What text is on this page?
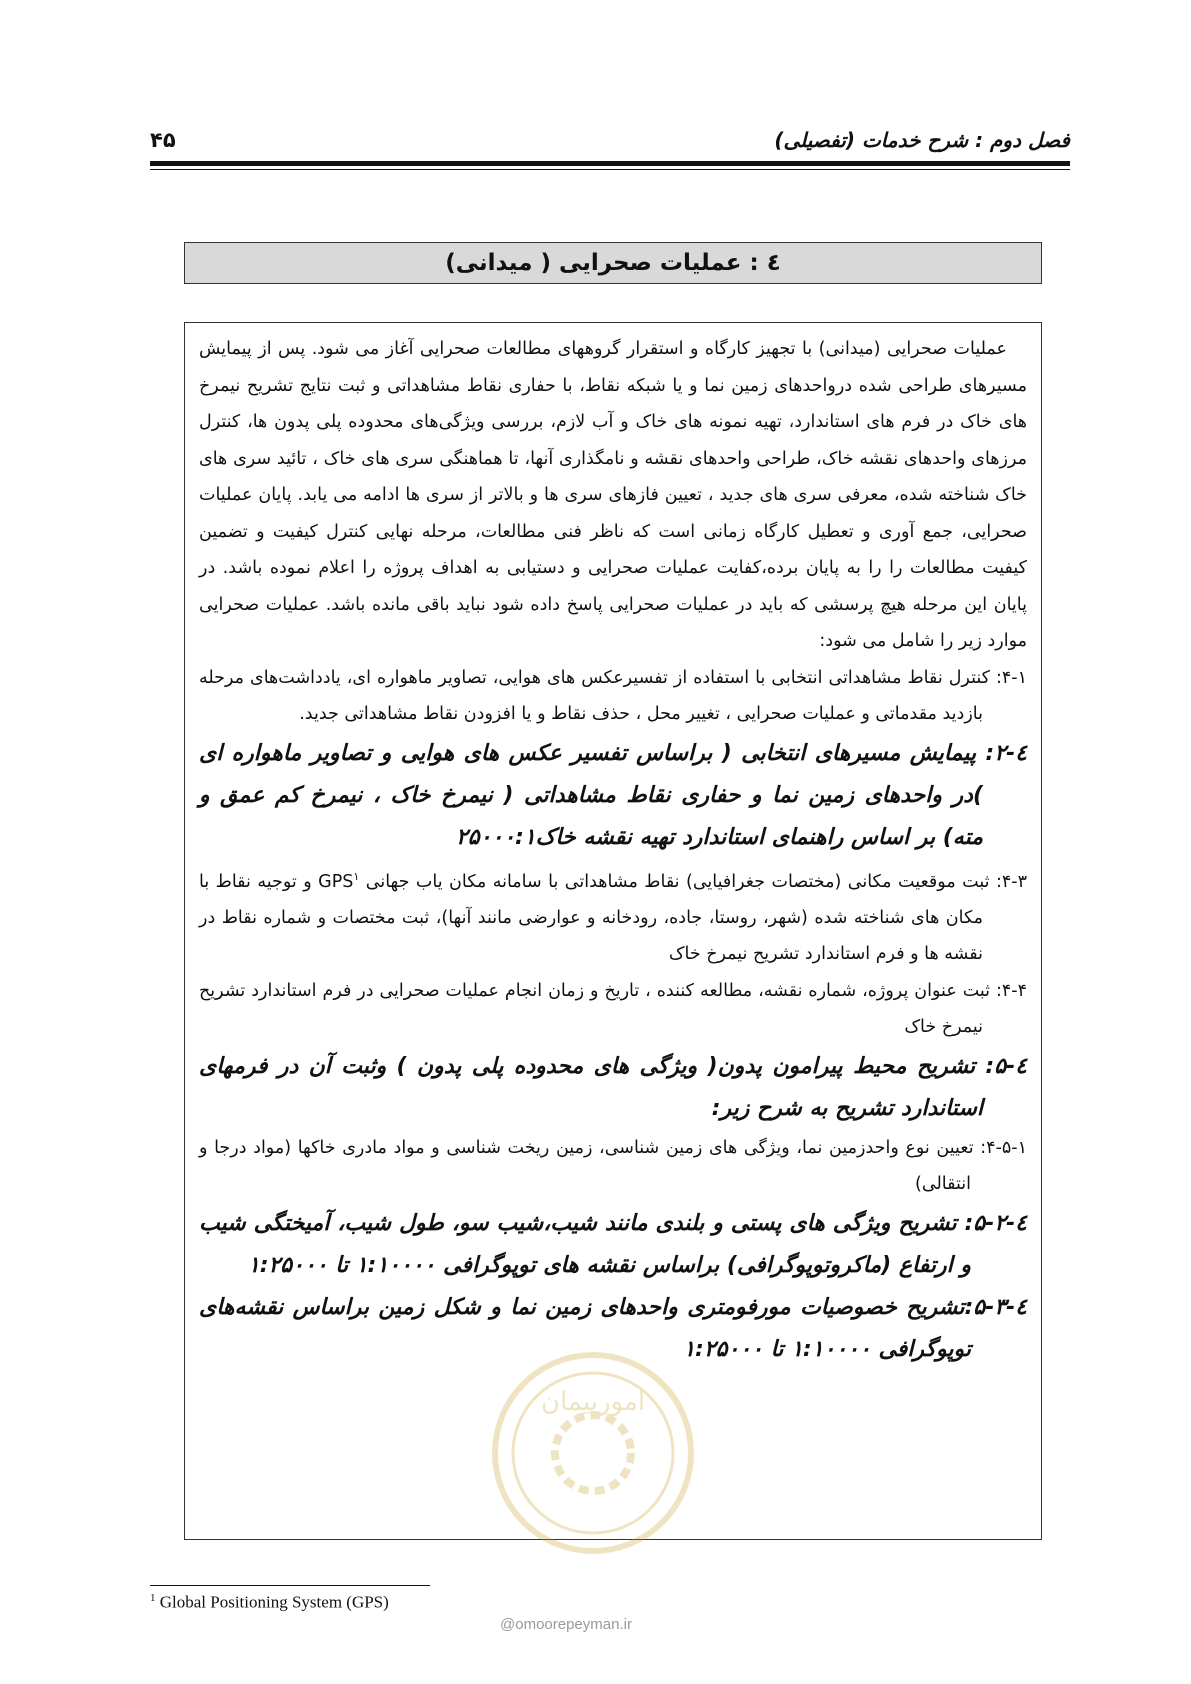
۴۵	فصل دوم : شرح خدمات (تفصیلی)
٤ : عملیات صحرایی ( میدانی)

عملیات صحرایی (میدانی) با تجهیز کارگاه و استقرار گروههای مطالعات صحرایی آغاز می شود. پس از پیمایش مسیرهای طراحی شده درواحدهای زمین نما و یا شبکه نقاط، با حفاری نقاط مشاهداتی و ثبت نتایج تشریح نیمرخ های خاک در فرم های استاندارد، تهیه نمونه های خاک و آب لازم، بررسی ویژگی‌های محدوده پلی پدون ها، کنترل مرزهای واحدهای نقشه خاک، طراحی واحدهای نقشه و نامگذاری آنها، تا هماهنگی سری های خاک ، تائید سری های خاک شناخته شده، معرفی سری های جدید ، تعیین فازهای سری ها و بالاتر از سری ها ادامه می یابد. پایان عملیات صحرایی، جمع آوری و تعطیل کارگاه زمانی است که ناظر فنی مطالعات، مرحله نهایی کنترل کیفیت و تضمین کیفیت مطالعات را را به پایان برده،کفایت عملیات صحرایی و دستیابی به اهداف پروژه را اعلام نموده باشد. در پایان این مرحله هیچ پرسشی که باید در عملیات صحرایی پاسخ داده شود نباید باقی مانده باشد. عملیات صحرایی موارد زیر را شامل می شود:

۴-۱: کنترل نقاط مشاهداتی انتخابی با استفاده از تفسیرعکس های هوایی، تصاویر ماهواره ای، یادداشت‌های مرحله بازدید مقدماتی و عملیات صحرایی ، تغییر محل ، حذف نقاط و یا افزودن نقاط مشاهداتی جدید.

٤-۲: پیمایش مسیرهای انتخابی ( براساس تفسیر عکس های هوایی و تصاویر ماهواره ای )در واحدهای زمین نما و حفاری نقاط مشاهداتی ( نیمرخ خاک ، نیمرخ کم عمق و مته) بر اساس راهنمای استاندارد تهیه نقشه خاک۲۵۰۰۰:۱

۴-۳: ثبت موقعیت مکانی (مختصات جغرافیایی) نقاط مشاهداتی با سامانه مکان یاب جهانی GPS$^۱$ و توجیه نقاط با مکان های شناخته شده (شهر، روستا، جاده، رودخانه و عوارضی مانند آنها)، ثبت مختصات و شماره نقاط در نقشه ها و فرم استاندارد تشریح نیمرخ خاک

۴-۴: ثبت عنوان پروژه، شماره نقشه، مطالعه کننده ، تاریخ و زمان انجام عملیات صحرایی در فرم استاندارد تشریح نیمرخ خاک

٤-۵: تشریح محیط پیرامون پدون( ویژگی های محدوده پلی پدون ) وثبت آن در فرمهای استاندارد تشریح به شرح زیر:

۴-۵-۱: تعیین نوع واحدزمین نما، ویژگی های زمین شناسی، زمین ریخت شناسی و مواد مادری خاکها (مواد درجا و انتقالی)

٤-۵-۲: تشریح ویژگی های پستی و بلندی مانند شیب،شیب سو، طول شیب، آمیختگی شیب و ارتفاع (ماکروتوپوگرافی) براساس نقشه های توپوگرافی ۱:۱۰۰۰۰ تا ۱:۲۵۰۰۰

٤-۵-۳:تشریح خصوصیات مورفومتری واحدهای زمین نما و شکل زمین براساس نقشه‌های توپوگرافی ۱:۱۰۰۰۰ تا ۱:۲۵۰۰۰

امورپیمان
@omoorepeyman.ir
$^1$ Global Positioning System (GPS)
